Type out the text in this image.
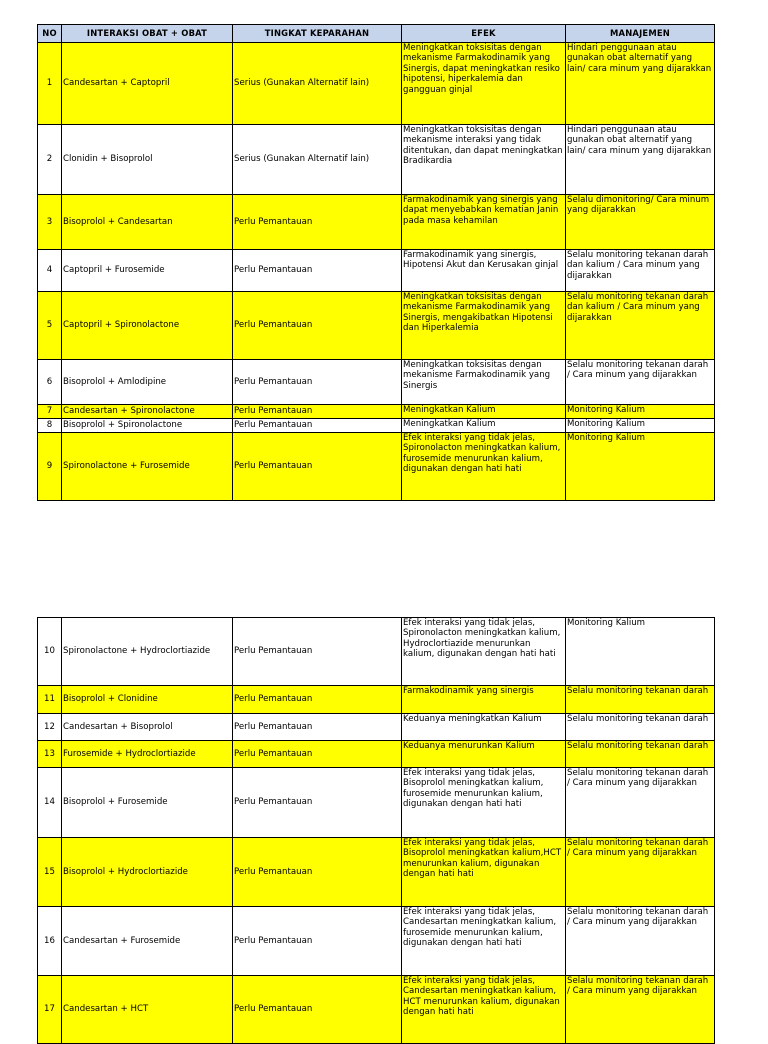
NO	INTERAKSI OBAT + OBAT	TINGKAT KEPARAHAN	EFEK	MANAJEMEN
1	Candesartan + Captopril	Serius (Gunakan Alternatif lain)	Meningkatkan toksisitas dengan mekanisme Farmakodinamik yang Sinergis, dapat meningkatkan resiko hipotensi, hiperkalemia dan gangguan ginjal	Hindari penggunaan atau gunakan obat alternatif yang lain/ cara minum yang dijarakkan
2	Clonidin + Bisoprolol	Serius (Gunakan Alternatif lain)	Meningkatkan toksisitas dengan mekanisme interaksi yang tidak ditentukan, dan dapat meningkatkan Bradikardia	Hindari penggunaan atau gunakan obat alternatif yang lain/ cara minum yang dijarakkan
3	Bisoprolol + Candesartan	Perlu Pemantauan	Farmakodinamik yang sinergis yang dapat menyebabkan kematian Janin pada masa kehamilan	Selalu dimonitoring/ Cara minum yang dijarakkan
4	Captopril + Furosemide	Perlu Pemantauan	Farmakodinamik yang sinergis, Hipotensi Akut dan Kerusakan ginjal	Selalu monitoring tekanan darah dan kalium / Cara minum yang dijarakkan
5	Captopril + Spironolactone	Perlu Pemantauan	Meningkatkan toksisitas dengan mekanisme Farmakodinamik yang Sinergis, mengakibatkan Hipotensi dan Hiperkalemia	Selalu monitoring tekanan darah dan kalium / Cara minum yang dijarakkan
6	Bisoprolol + Amlodipine	Perlu Pemantauan	Meningkatkan toksisitas dengan mekanisme Farmakodinamik yang Sinergis	Selalu monitoring tekanan darah / Cara minum yang dijarakkan
7	Candesartan + Spironolactone	Perlu Pemantauan	Meningkatkan Kalium	Monitoring Kalium
8	Bisoprolol + Spironolactone	Perlu Pemantauan	Meningkatkan Kalium	Monitoring Kalium
9	Spironolactone + Furosemide	Perlu Pemantauan	Efek interaksi yang tidak jelas, Spironolacton meningkatkan kalium, furosemide menurunkan kalium, digunakan dengan hati hati	Monitoring Kalium
10	Spironolactone + Hydroclortiazide	Perlu Pemantauan	Efek interaksi yang tidak jelas, Spironolacton meningkatkan kalium, Hydroclortiazide menurunkan kalium, digunakan dengan hati hati	Monitoring Kalium
11	Bisoprolol + Clonidine	Perlu Pemantauan	Farmakodinamik yang sinergis	Selalu monitoring tekanan darah
12	Candesartan + Bisoprolol	Perlu Pemantauan	Keduanya meningkatkan Kalium	Selalu monitoring tekanan darah
13	Furosemide + Hydroclortiazide	Perlu Pemantauan	Keduanya menurunkan Kalium	Selalu monitoring tekanan darah
14	Bisoprolol + Furosemide	Perlu Pemantauan	Efek interaksi yang tidak jelas, Bisoprolol meningkatkan kalium, furosemide menurunkan kalium, digunakan dengan hati hati	Selalu monitoring tekanan darah / Cara minum yang dijarakkan
15	Bisoprolol + Hydroclortiazide	Perlu Pemantauan	Efek interaksi yang tidak jelas, Bisoprolol meningkatkan kalium,HCT menurunkan kalium, digunakan dengan hati hati	Selalu monitoring tekanan darah / Cara minum yang dijarakkan
16	Candesartan + Furosemide	Perlu Pemantauan	Efek interaksi yang tidak jelas, Candesartan meningkatkan kalium, furosemide menurunkan kalium, digunakan dengan hati hati	Selalu monitoring tekanan darah / Cara minum yang dijarakkan
17	Candesartan + HCT	Perlu Pemantauan	Efek interaksi yang tidak jelas, Candesartan meningkatkan kalium, HCT menurunkan kalium, digunakan dengan hati hati	Selalu monitoring tekanan darah / Cara minum yang dijarakkan
